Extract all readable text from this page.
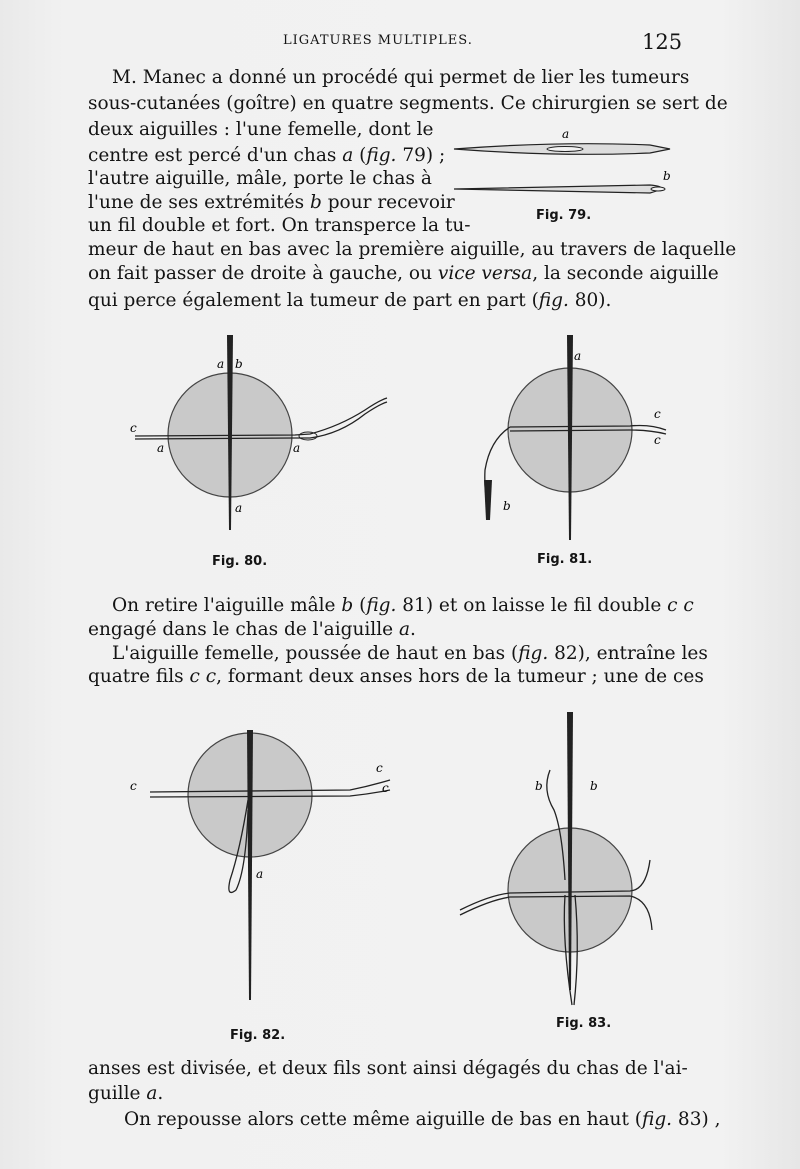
LIGATURES MULTIPLES.	125
M. Manec a donné un procédé qui permet de lier les tumeurs
sous-cutanées (goître) en quatre segments. Ce chirurgien se sert de
deux aiguilles : l'une femelle, dont le
centre est percé d'un chas a (fig. 79) ;
l'autre aiguille, mâle, porte le chas à
l'une de ses extrémités b pour recevoir
un fil double et fort. On transperce la tu-
meur de haut en bas avec la première aiguille, au travers de laquelle
on fait passer de droite à gauche, ou vice versa, la seconde aiguille
qui perce également la tumeur de part en part (fig. 80).
a
b
Fig. 79.
a b
c
a	a
a
Fig. 80.
a
c
c
b
Fig. 81.
On retire l'aiguille mâle b (fig. 81) et on laisse le fil double c c
engagé dans le chas de l'aiguille a.
L'aiguille femelle, poussée de haut en bas (fig. 82), entraîne les
quatre fils c c, formant deux anses hors de la tumeur ; une de ces
c
c
c
a
Fig. 82.
b	b
Fig. 83.
anses est divisée, et deux fils sont ainsi dégagés du chas de l'ai-
guille a.
On repousse alors cette même aiguille de bas en haut (fig. 83) ,
